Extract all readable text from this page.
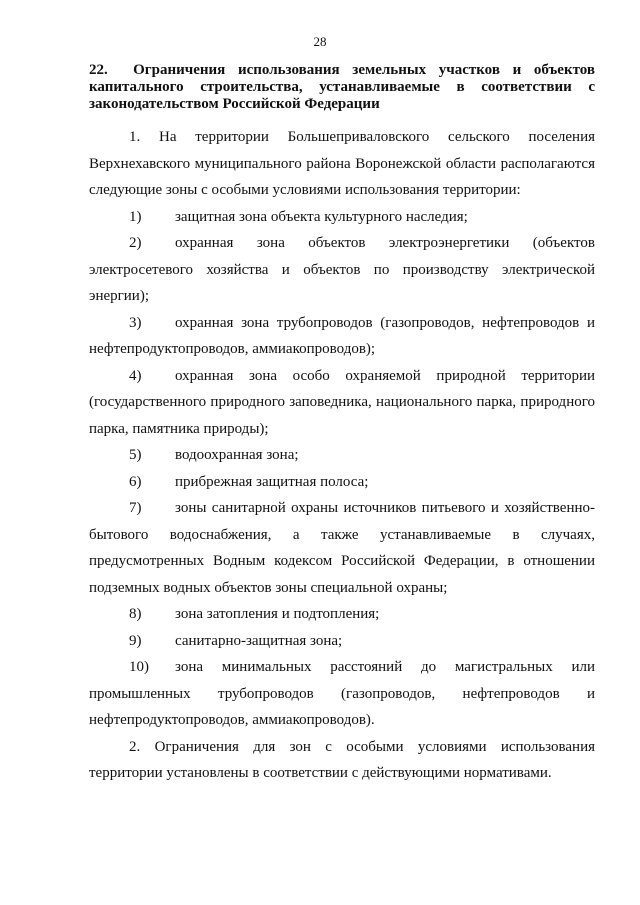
28
22. Ограничения использования земельных участков и объектов капитального строительства, устанавливаемые в соответствии с законодательством Российской Федерации

1. На территории Большеприваловского сельского поселения Верхнехавского муниципального района Воронежской области располагаются следующие зоны с особыми условиями использования территории:

1) защитная зона объекта культурного наследия;

2) охранная зона объектов электроэнергетики (объектов электросетевого хозяйства и объектов по производству электрической энергии);

3) охранная зона трубопроводов (газопроводов, нефтепроводов и нефтепродуктопроводов, аммиакопроводов);

4) охранная зона особо охраняемой природной территории (государственного природного заповедника, национального парка, природного парка, памятника природы);

5) водоохранная зона;

6) прибрежная защитная полоса;

7) зоны санитарной охраны источников питьевого и хозяйственно-бытового водоснабжения, а также устанавливаемые в случаях, предусмотренных Водным кодексом Российской Федерации, в отношении подземных водных объектов зоны специальной охраны;

8) зона затопления и подтопления;

9) санитарно-защитная зона;

10) зона минимальных расстояний до магистральных или промышленных трубопроводов (газопроводов, нефтепроводов и нефтепродуктопроводов, аммиакопроводов).

2. Ограничения для зон с особыми условиями использования территории установлены в соответствии с действующими нормативами.
